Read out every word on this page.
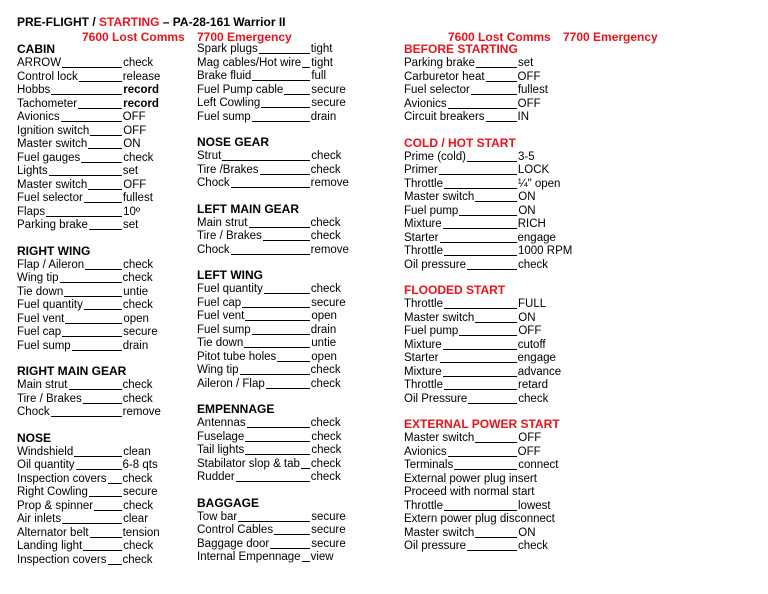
PRE-FLIGHT / STARTING – PA-28-161 Warrior II
7600 Lost Comms 7700 Emergency	7600 Lost Comms 7700 Emergency
CABIN
ARROW	check
Control lock	release
Hobbs	record
Tachometer	record
Avionics	OFF
Ignition switch	OFF
Master switch	ON
Fuel gauges	check
Lights	set
Master switch	OFF
Fuel selector	fullest
Flaps	10º
Parking brake	set
RIGHT WING
Flap / Aileron	check
Wing tip	check
Tie down	untie
Fuel quantity	check
Fuel vent	open
Fuel cap	secure
Fuel sump	drain
RIGHT MAIN GEAR
Main strut	check
Tire / Brakes	check
Chock	remove
NOSE
Windshield	clean
Oil quantity	6-8 qts
Inspection covers check
Right Cowling	secure
Prop & spinner	check
Air inlets	clear
Alternator belt	tension
Landing light	check
Inspection covers check
Spark plugs	tight
Mag cables/Hot wire tight
Brake fluid	full
Fuel Pump cable secure
Left Cowling	secure
Fuel sump	drain
NOSE GEAR
Strut	check
Tire /Brakes	check
Chock	remove
LEFT MAIN GEAR
Main strut	check
Tire / Brakes	check
Chock	remove
LEFT WING
Fuel quantity	check
Fuel cap	secure
Fuel vent	open
Fuel sump	drain
Tie down	untie
Pitot tube holes	open
Wing tip	check
Aileron / Flap	check
EMPENNAGE
Antennas	check
Fuselage	check
Tail lights	check
Stabilator slop & tab check
Rudder	check
BAGGAGE
Tow bar	secure
Control Cables	secure
Baggage door	secure
Internal Empennage view
BEFORE STARTING
Parking brake	set
Carburetor heat	OFF
Fuel selector	fullest
Avionics	OFF
Circuit breakers	IN
COLD / HOT START
Prime (cold)	3-5
Primer	LOCK
Throttle	¼" open
Master switch	ON
Fuel pump	ON
Mixture	RICH
Starter	engage
Throttle	1000 RPM
Oil pressure	check
FLOODED START
Throttle	FULL
Master switch	ON
Fuel pump	OFF
Mixture	cutoff
Starter	engage
Mixture	advance
Throttle	retard
Oil Pressure	check
EXTERNAL POWER START
Master switch	OFF
Avionics	OFF
Terminals	connect
External power plug insert
Proceed with normal start
Throttle	lowest
Extern power plug disconnect
Master switch	ON
Oil pressure	check
